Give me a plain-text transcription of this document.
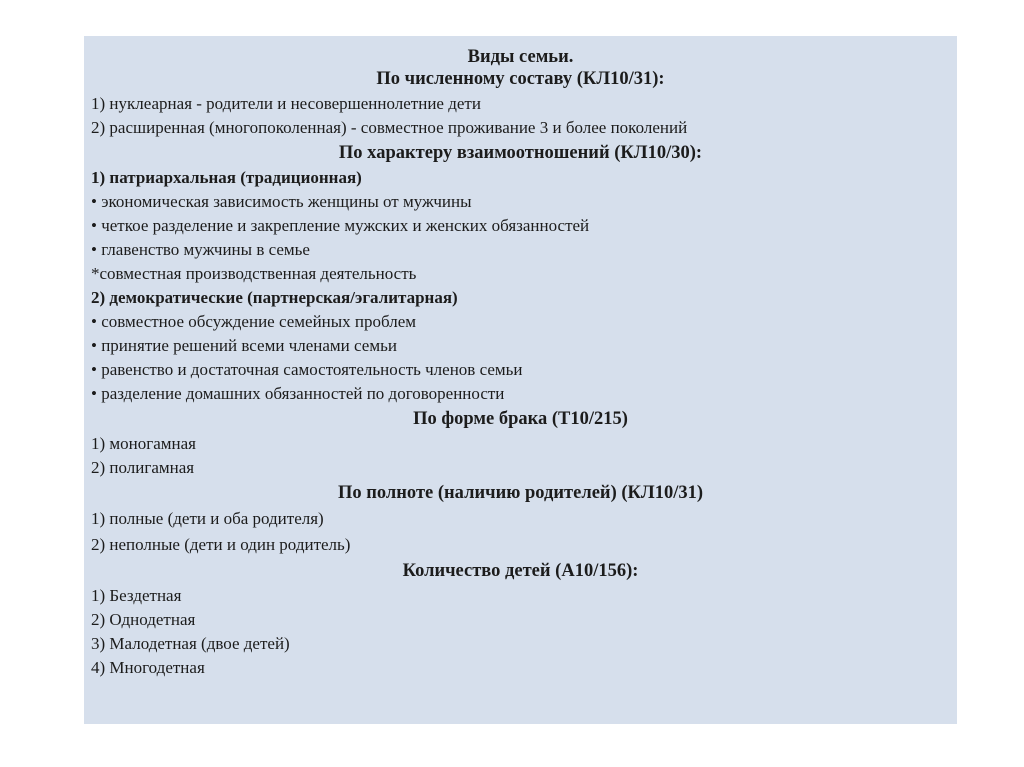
Виды семьи.
По численному составу (КЛ10/31):
1) нуклеарная - родители и несовершеннолетние дети
2) расширенная (многопоколенная) - совместное проживание 3 и более поколений
По характеру взаимоотношений (КЛ10/30):
1) патриархальная (традиционная)
• экономическая зависимость женщины от мужчины
• четкое разделение и закрепление мужских и женских обязанностей
• главенство мужчины в семье
*совместная производственная деятельность
2) демократические (партнерская/эгалитарная)
• совместное обсуждение семейных проблем
• принятие решений всеми членами семьи
• равенство и достаточная самостоятельность членов семьи
• разделение домашних обязанностей по договоренности
По форме брака (Т10/215)
1) моногамная
2) полигамная
По полноте (наличию родителей) (КЛ10/31)
1) полные (дети и оба родителя)
2) неполные (дети и один родитель)
Количество детей (А10/156):
1) Бездетная
2) Однодетная
3) Малодетная (двое детей)
4) Многодетная
